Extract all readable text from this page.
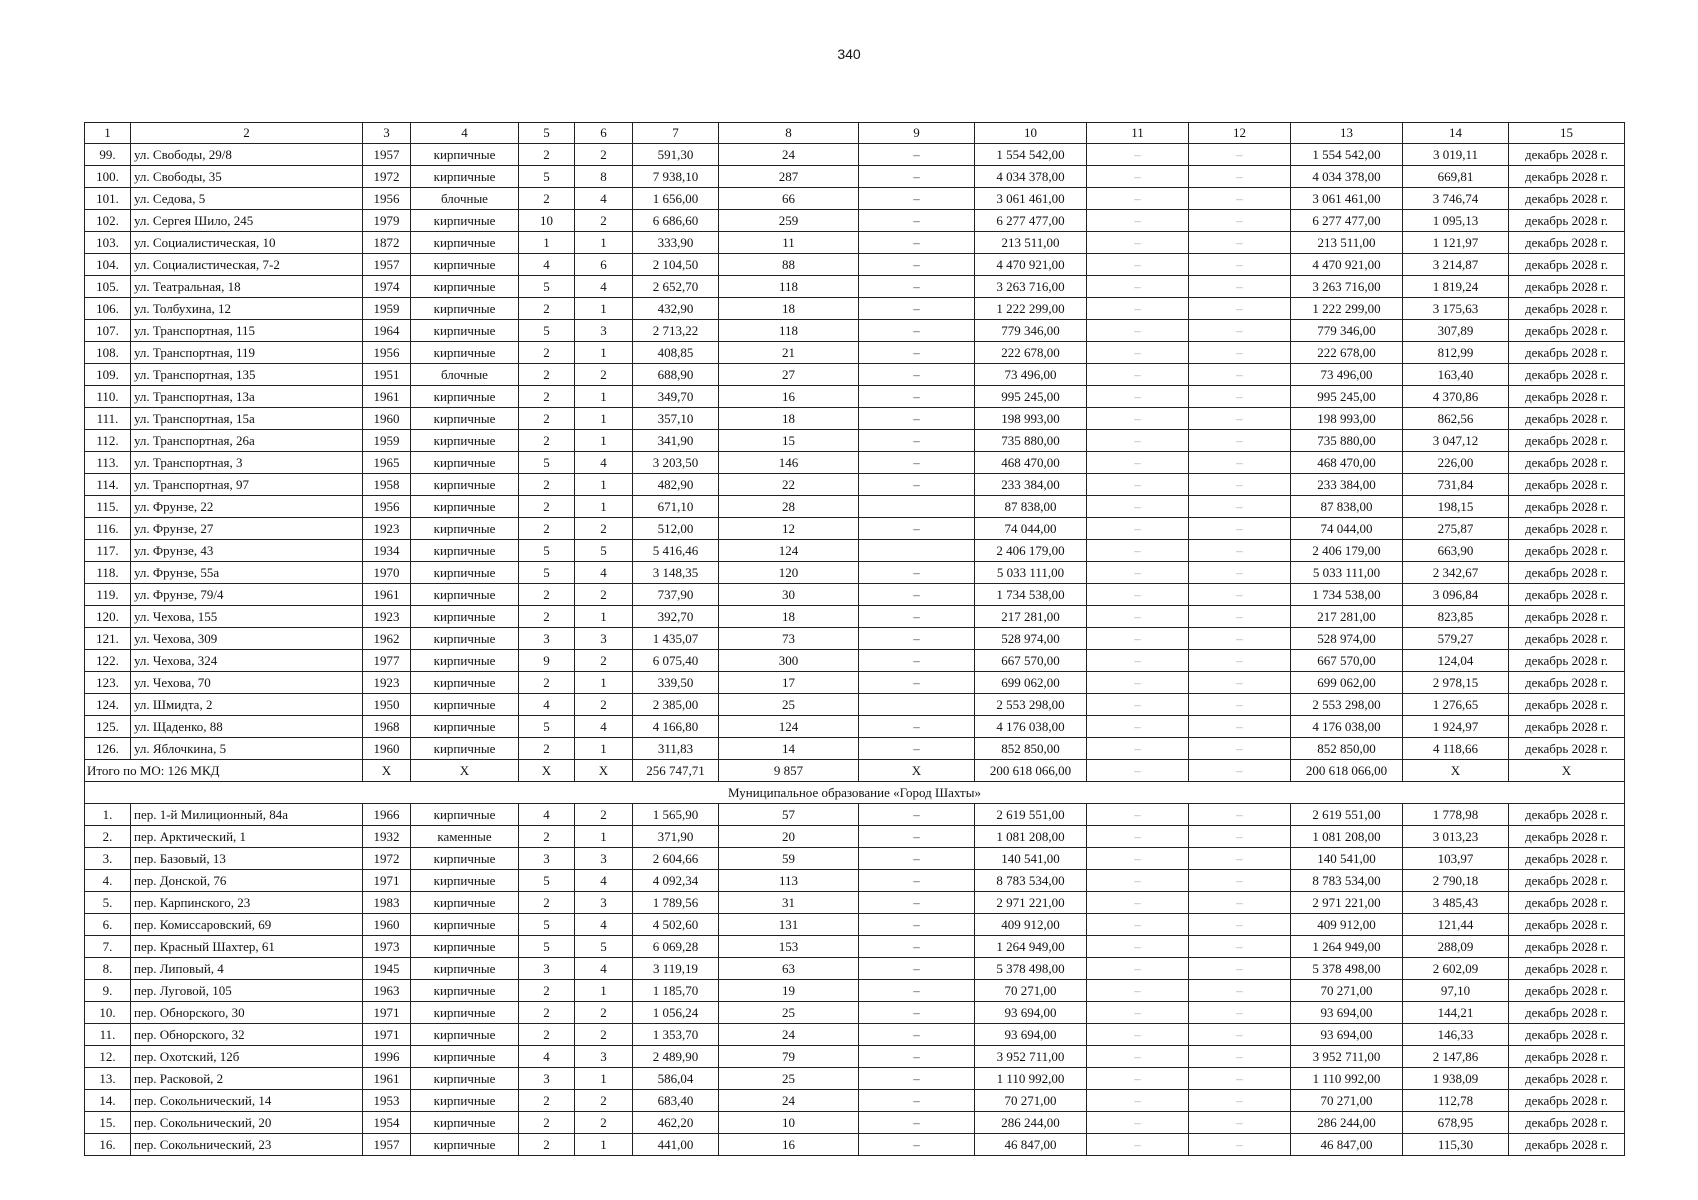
340
1	2	3	4	5	6	7	8	9	10	11	12	13	14	15
99.	ул. Свободы, 29/8	1957	кирпичные	2	2	591,30	24	–	1 554 542,00	–	–	1 554 542,00	3 019,11	декабрь 2028 г.
100.	ул. Свободы, 35	1972	кирпичные	5	8	7 938,10	287	–	4 034 378,00	–	–	4 034 378,00	669,81	декабрь 2028 г.
101.	ул. Седова, 5	1956	блочные	2	4	1 656,00	66	–	3 061 461,00	–	–	3 061 461,00	3 746,74	декабрь 2028 г.
102.	ул. Сергея Шило, 245	1979	кирпичные	10	2	6 686,60	259	–	6 277 477,00	–	–	6 277 477,00	1 095,13	декабрь 2028 г.
103.	ул. Социалистическая, 10	1872	кирпичные	1	1	333,90	11	–	213 511,00	–	–	213 511,00	1 121,97	декабрь 2028 г.
104.	ул. Социалистическая, 7-2	1957	кирпичные	4	6	2 104,50	88	–	4 470 921,00	–	–	4 470 921,00	3 214,87	декабрь 2028 г.
105.	ул. Театральная, 18	1974	кирпичные	5	4	2 652,70	118	–	3 263 716,00	–	–	3 263 716,00	1 819,24	декабрь 2028 г.
106.	ул. Толбухина, 12	1959	кирпичные	2	1	432,90	18	–	1 222 299,00	–	–	1 222 299,00	3 175,63	декабрь 2028 г.
107.	ул. Транспортная, 115	1964	кирпичные	5	3	2 713,22	118	–	779 346,00	–	–	779 346,00	307,89	декабрь 2028 г.
108.	ул. Транспортная, 119	1956	кирпичные	2	1	408,85	21	–	222 678,00	–	–	222 678,00	812,99	декабрь 2028 г.
109.	ул. Транспортная, 135	1951	блочные	2	2	688,90	27	–	73 496,00	–	–	73 496,00	163,40	декабрь 2028 г.
110.	ул. Транспортная, 13а	1961	кирпичные	2	1	349,70	16	–	995 245,00	–	–	995 245,00	4 370,86	декабрь 2028 г.
111.	ул. Транспортная, 15а	1960	кирпичные	2	1	357,10	18	–	198 993,00	–	–	198 993,00	862,56	декабрь 2028 г.
112.	ул. Транспортная, 26а	1959	кирпичные	2	1	341,90	15	–	735 880,00	–	–	735 880,00	3 047,12	декабрь 2028 г.
113.	ул. Транспортная, 3	1965	кирпичные	5	4	3 203,50	146	–	468 470,00	–	–	468 470,00	226,00	декабрь 2028 г.
114.	ул. Транспортная, 97	1958	кирпичные	2	1	482,90	22	–	233 384,00	–	–	233 384,00	731,84	декабрь 2028 г.
115.	ул. Фрунзе, 22	1956	кирпичные	2	1	671,10	28		87 838,00	–	–	87 838,00	198,15	декабрь 2028 г.
116.	ул. Фрунзе, 27	1923	кирпичные	2	2	512,00	12	–	74 044,00	–	–	74 044,00	275,87	декабрь 2028 г.
117.	ул. Фрунзе, 43	1934	кирпичные	5	5	5 416,46	124		2 406 179,00	–	–	2 406 179,00	663,90	декабрь 2028 г.
118.	ул. Фрунзе, 55а	1970	кирпичные	5	4	3 148,35	120	–	5 033 111,00	–	–	5 033 111,00	2 342,67	декабрь 2028 г.
119.	ул. Фрунзе, 79/4	1961	кирпичные	2	2	737,90	30	–	1 734 538,00	–	–	1 734 538,00	3 096,84	декабрь 2028 г.
120.	ул. Чехова, 155	1923	кирпичные	2	1	392,70	18	–	217 281,00	–	–	217 281,00	823,85	декабрь 2028 г.
121.	ул. Чехова, 309	1962	кирпичные	3	3	1 435,07	73	–	528 974,00	–	–	528 974,00	579,27	декабрь 2028 г.
122.	ул. Чехова, 324	1977	кирпичные	9	2	6 075,40	300	–	667 570,00	–	–	667 570,00	124,04	декабрь 2028 г.
123.	ул. Чехова, 70	1923	кирпичные	2	1	339,50	17	–	699 062,00	–	–	699 062,00	2 978,15	декабрь 2028 г.
124.	ул. Шмидта, 2	1950	кирпичные	4	2	2 385,00	25		2 553 298,00	–	–	2 553 298,00	1 276,65	декабрь 2028 г.
125.	ул. Щаденко, 88	1968	кирпичные	5	4	4 166,80	124	–	4 176 038,00	–	–	4 176 038,00	1 924,97	декабрь 2028 г.
126.	ул. Яблочкина, 5	1960	кирпичные	2	1	311,83	14	–	852 850,00	–	–	852 850,00	4 118,66	декабрь 2028 г.
Итого по МО: 126 МКД		X	X	X	X	256 747,71	9 857	X	200 618 066,00	–	–	200 618 066,00	X	X
Муниципальное образование «Город Шахты»														
1.	пер. 1-й Милиционный, 84а	1966	кирпичные	4	2	1 565,90	57	–	2 619 551,00	–	–	2 619 551,00	1 778,98	декабрь 2028 г.
2.	пер. Арктический, 1	1932	каменные	2	1	371,90	20	–	1 081 208,00	–	–	1 081 208,00	3 013,23	декабрь 2028 г.
3.	пер. Базовый, 13	1972	кирпичные	3	3	2 604,66	59	–	140 541,00	–	–	140 541,00	103,97	декабрь 2028 г.
4.	пер. Донской, 76	1971	кирпичные	5	4	4 092,34	113	–	8 783 534,00	–	–	8 783 534,00	2 790,18	декабрь 2028 г.
5.	пер. Карпинского, 23	1983	кирпичные	2	3	1 789,56	31	–	2 971 221,00	–	–	2 971 221,00	3 485,43	декабрь 2028 г.
6.	пер. Комиссаровский, 69	1960	кирпичные	5	4	4 502,60	131	–	409 912,00	–	–	409 912,00	121,44	декабрь 2028 г.
7.	пер. Красный Шахтер, 61	1973	кирпичные	5	5	6 069,28	153	–	1 264 949,00	–	–	1 264 949,00	288,09	декабрь 2028 г.
8.	пер. Липовый, 4	1945	кирпичные	3	4	3 119,19	63	–	5 378 498,00	–	–	5 378 498,00	2 602,09	декабрь 2028 г.
9.	пер. Луговой, 105	1963	кирпичные	2	1	1 185,70	19	–	70 271,00	–	–	70 271,00	97,10	декабрь 2028 г.
10.	пер. Обнорского, 30	1971	кирпичные	2	2	1 056,24	25	–	93 694,00	–	–	93 694,00	144,21	декабрь 2028 г.
11.	пер. Обнорского, 32	1971	кирпичные	2	2	1 353,70	24	–	93 694,00	–	–	93 694,00	146,33	декабрь 2028 г.
12.	пер. Охотский, 12б	1996	кирпичные	4	3	2 489,90	79	–	3 952 711,00	–	–	3 952 711,00	2 147,86	декабрь 2028 г.
13.	пер. Расковой, 2	1961	кирпичные	3	1	586,04	25	–	1 110 992,00	–	–	1 110 992,00	1 938,09	декабрь 2028 г.
14.	пер. Сокольнический, 14	1953	кирпичные	2	2	683,40	24	–	70 271,00	–	–	70 271,00	112,78	декабрь 2028 г.
15.	пер. Сокольнический, 20	1954	кирпичные	2	2	462,20	10	–	286 244,00	–	–	286 244,00	678,95	декабрь 2028 г.
16.	пер. Сокольнический, 23	1957	кирпичные	2	1	441,00	16	–	46 847,00	–	–	46 847,00	115,30	декабрь 2028 г.
